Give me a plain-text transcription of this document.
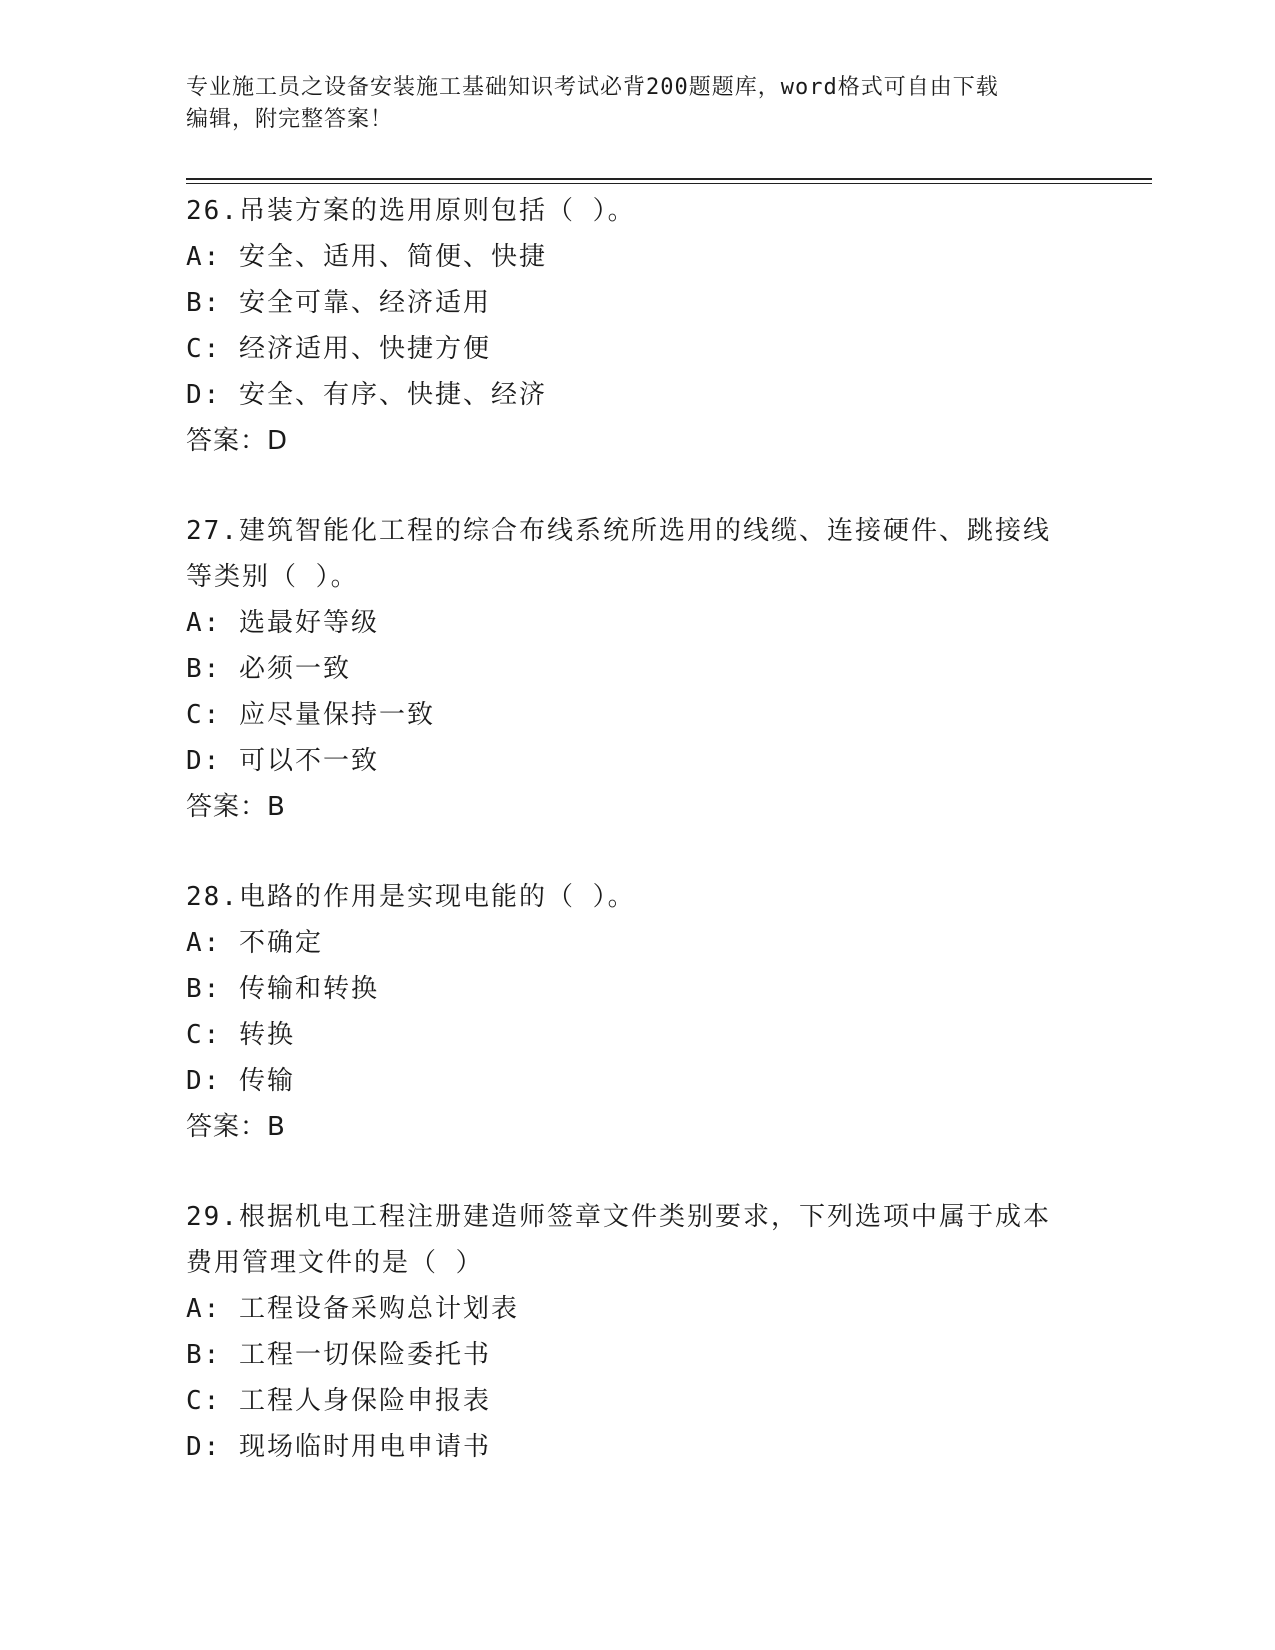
专业施工员之设备安装施工基础知识考试必背200题题库，word格式可自由下载
编辑，附完整答案！
26.吊装方案的选用原则包括（ ）。
A: 安全、适用、简便、快捷
B: 安全可靠、经济适用
C: 经济适用、快捷方便
D: 安全、有序、快捷、经济
答案：D
27.建筑智能化工程的综合布线系统所选用的线缆、连接硬件、跳接线
等类别（ ）。
A: 选最好等级
B: 必须一致
C: 应尽量保持一致
D: 可以不一致
答案：B
28.电路的作用是实现电能的（ ）。
A: 不确定
B: 传输和转换
C: 转换
D: 传输
答案：B
29.根据机电工程注册建造师签章文件类别要求，下列选项中属于成本
费用管理文件的是（ ）
A: 工程设备采购总计划表
B: 工程一切保险委托书
C: 工程人身保险申报表
D: 现场临时用电申请书
